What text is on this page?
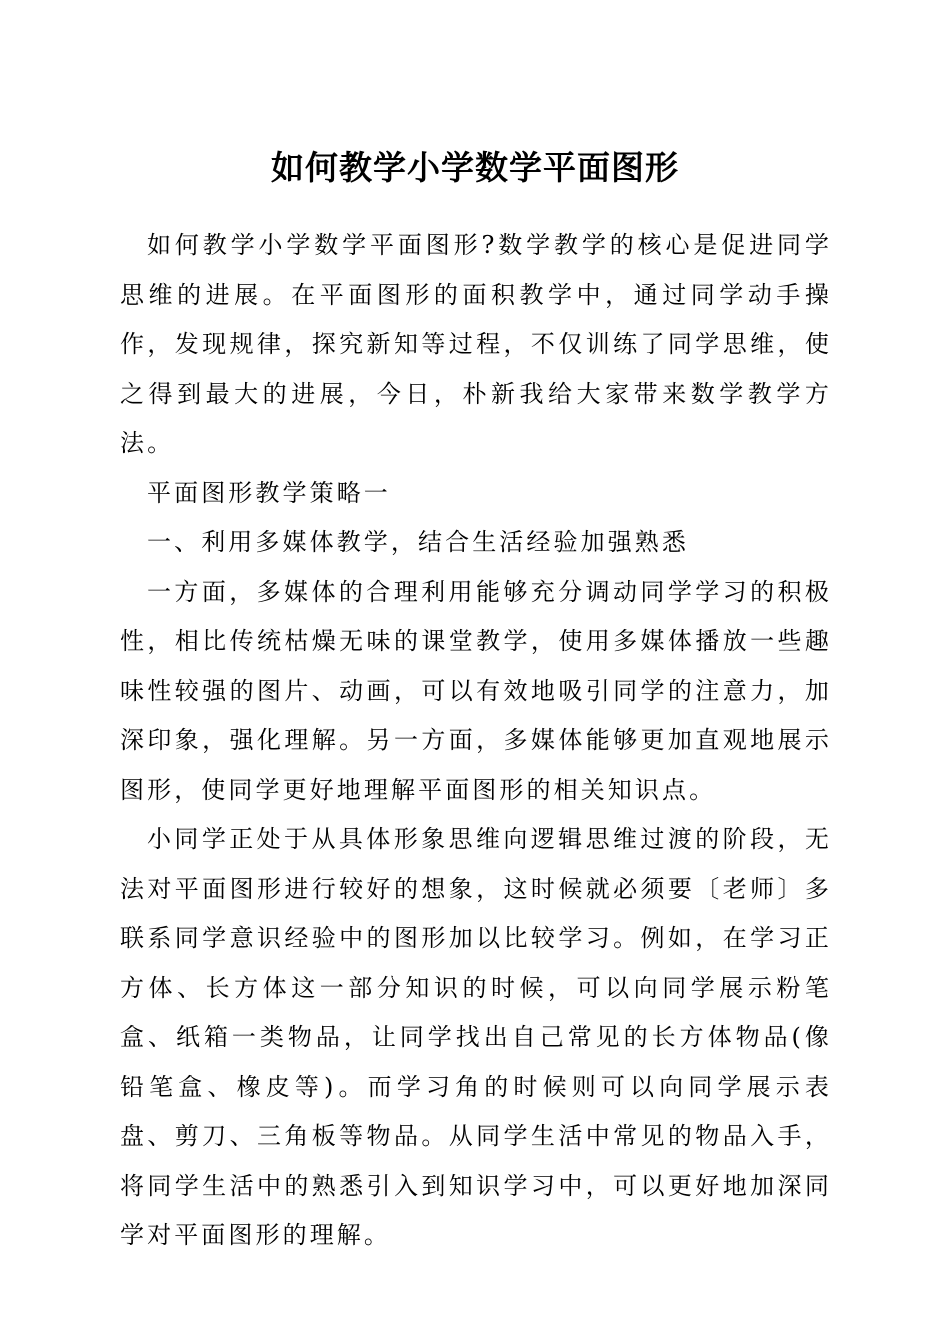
如何教学小学数学平面图形

如何教学小学数学平面图形?数学教学的核心是促进同学思维的进展。在平面图形的面积教学中，通过同学动手操作，发现规律，探究新知等过程，不仅训练了同学思维，使之得到最大的进展，今日，朴新我给大家带来数学教学方法。

平面图形教学策略一

一、利用多媒体教学，结合生活经验加强熟悉

一方面，多媒体的合理利用能够充分调动同学学习的积极性，相比传统枯燥无味的课堂教学，使用多媒体播放一些趣味性较强的图片、动画，可以有效地吸引同学的注意力，加深印象，强化理解。另一方面，多媒体能够更加直观地展示图形，使同学更好地理解平面图形的相关知识点。

小同学正处于从具体形象思维向逻辑思维过渡的阶段，无法对平面图形进行较好的想象，这时候就必须要〔老师〕多联系同学意识经验中的图形加以比较学习。例如，在学习正方体、长方体这一部分知识的时候，可以向同学展示粉笔盒、纸箱一类物品，让同学找出自己常见的长方体物品(像铅笔盒、橡皮等)。而学习角的时候则可以向同学展示表盘、剪刀、三角板等物品。从同学生活中常见的物品入手，将同学生活中的熟悉引入到知识学习中，可以更好地加深同学对平面图形的理解。
